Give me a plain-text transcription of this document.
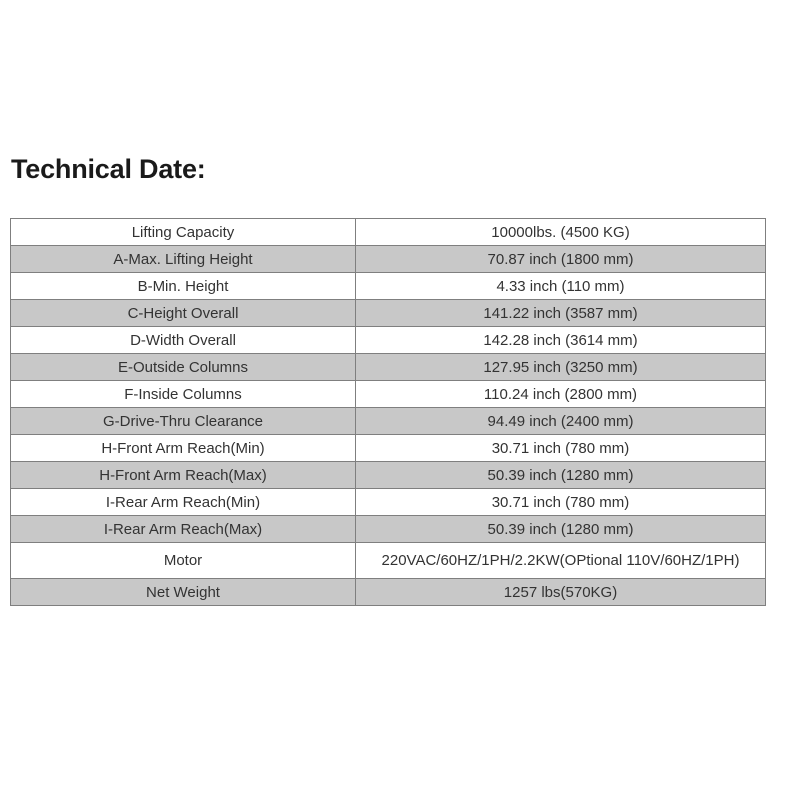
Technical Date:
Lifting Capacity	10000lbs. (4500 KG)
A-Max. Lifting Height	70.87 inch (1800 mm)
B-Min. Height	4.33 inch (110 mm)
C-Height Overall	141.22 inch (3587 mm)
D-Width Overall	142.28 inch (3614 mm)
E-Outside Columns	127.95 inch (3250 mm)
F-Inside Columns	110.24 inch (2800 mm)
G-Drive-Thru Clearance	94.49 inch (2400 mm)
H-Front Arm Reach(Min)	30.71 inch (780 mm)
H-Front Arm Reach(Max)	50.39 inch (1280 mm)
I-Rear Arm Reach(Min)	30.71 inch (780 mm)
I-Rear Arm Reach(Max)	50.39 inch (1280 mm)
Motor	220VAC/60HZ/1PH/2.2KW(OPtional 110V/60HZ/1PH)
Net Weight	1257 lbs(570KG)
